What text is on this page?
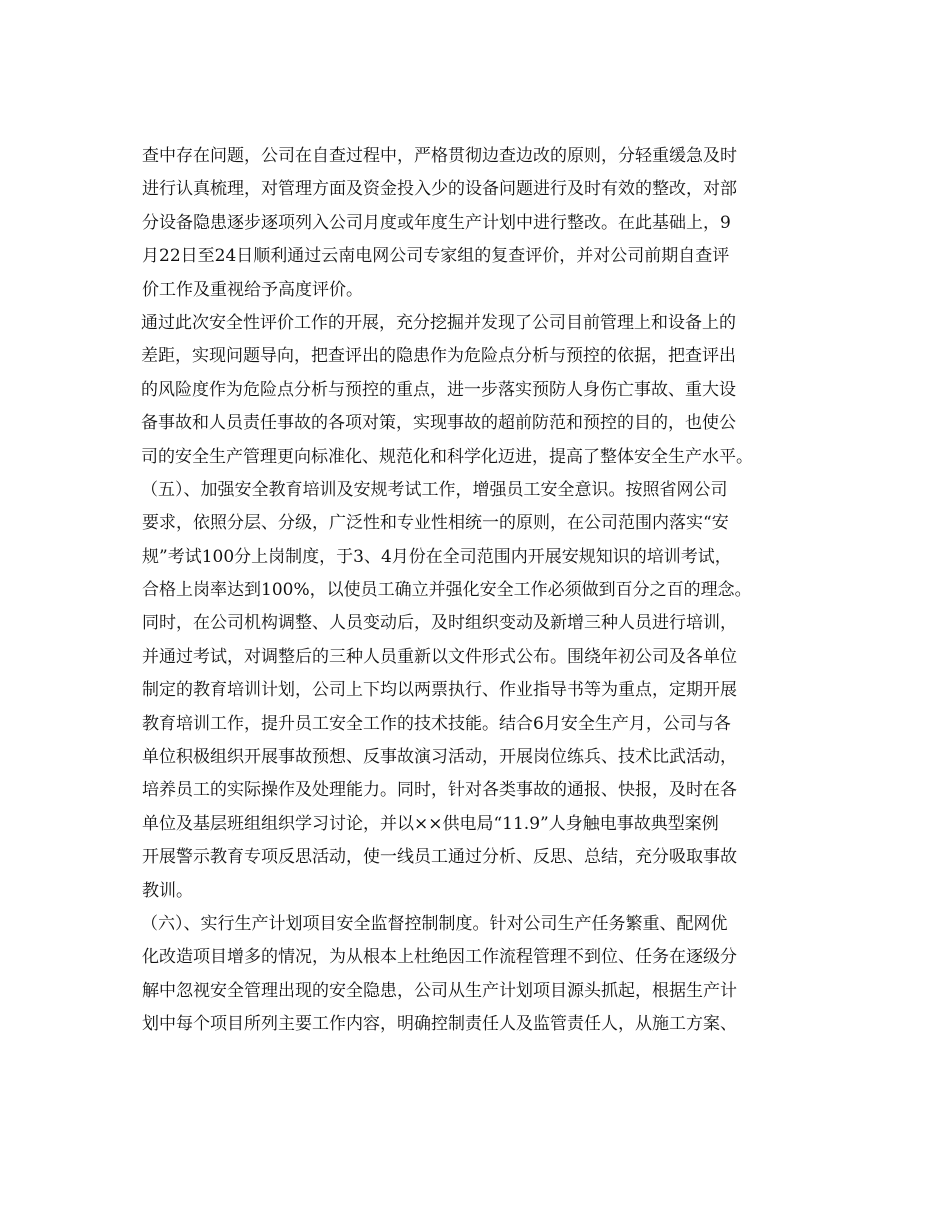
查中存在问题，公司在自查过程中，严格贯彻边查边改的原则，分轻重缓急及时
进行认真梳理，对管理方面及资金投入少的设备问题进行及时有效的整改，对部
分设备隐患逐步逐项列入公司月度或年度生产计划中进行整改。在此基础上，9
月22日至24日顺利通过云南电网公司专家组的复查评价，并对公司前期自查评
价工作及重视给予高度评价。
通过此次安全性评价工作的开展，充分挖掘并发现了公司目前管理上和设备上的
差距，实现问题导向，把查评出的隐患作为危险点分析与预控的依据，把查评出
的风险度作为危险点分析与预控的重点，进一步落实预防人身伤亡事故、重大设
备事故和人员责任事故的各项对策，实现事故的超前防范和预控的目的，也使公
司的安全生产管理更向标准化、规范化和科学化迈进，提高了整体安全生产水平。
（五）、加强安全教育培训及安规考试工作，增强员工安全意识。按照省网公司
要求，依照分层、分级，广泛性和专业性相统一的原则，在公司范围内落实“安
规”考试100分上岗制度，于3、4月份在全司范围内开展安规知识的培训考试，
合格上岗率达到100%，以使员工确立并强化安全工作必须做到百分之百的理念。
同时，在公司机构调整、人员变动后，及时组织变动及新增三种人员进行培训，
并通过考试，对调整后的三种人员重新以文件形式公布。围绕年初公司及各单位
制定的教育培训计划，公司上下均以两票执行、作业指导书等为重点，定期开展
教育培训工作，提升员工安全工作的技术技能。结合6月安全生产月，公司与各
单位积极组织开展事故预想、反事故演习活动，开展岗位练兵、技术比武活动，
培养员工的实际操作及处理能力。同时，针对各类事故的通报、快报，及时在各
单位及基层班组组织学习讨论，并以××供电局“11.9”人身触电事故典型案例
开展警示教育专项反思活动，使一线员工通过分析、反思、总结，充分吸取事故
教训。
（六）、实行生产计划项目安全监督控制制度。针对公司生产任务繁重、配网优
化改造项目增多的情况，为从根本上杜绝因工作流程管理不到位、任务在逐级分
解中忽视安全管理出现的安全隐患，公司从生产计划项目源头抓起，根据生产计
划中每个项目所列主要工作内容，明确控制责任人及监管责任人，从施工方案、
